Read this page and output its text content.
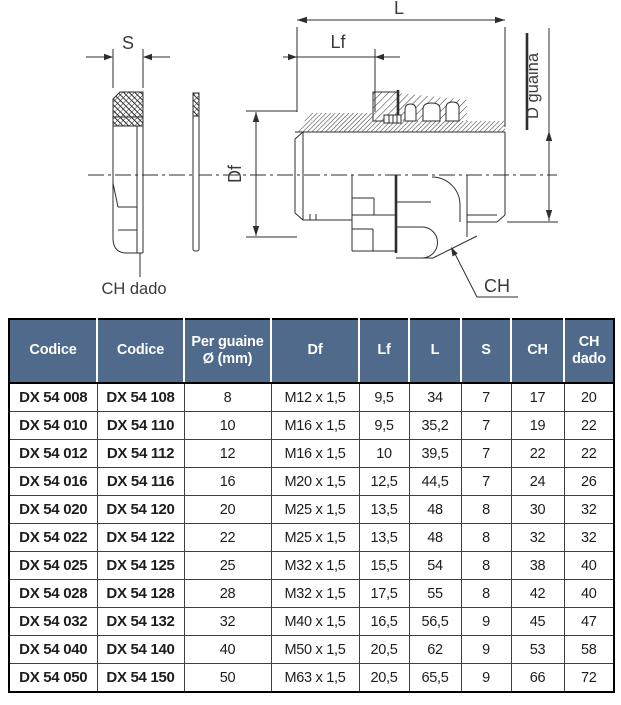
S
CH dado
Df
L
Lf
D guaina
CH
Codice	Codice	Per guaine Ø (mm)	Df	Lf	L	S	CH	CH dado
DX 54 008	DX 54 108	8	M12 x 1,5	9,5	34	7	17	20
DX 54 010	DX 54 110	10	M16 x 1,5	9,5	35,2	7	19	22
DX 54 012	DX 54 112	12	M16 x 1,5	10	39,5	7	22	22
DX 54 016	DX 54 116	16	M20 x 1,5	12,5	44,5	7	24	26
DX 54 020	DX 54 120	20	M25 x 1,5	13,5	48	8	30	32
DX 54 022	DX 54 122	22	M25 x 1,5	13,5	48	8	32	32
DX 54 025	DX 54 125	25	M32 x 1,5	15,5	54	8	38	40
DX 54 028	DX 54 128	28	M32 x 1,5	17,5	55	8	42	40
DX 54 032	DX 54 132	32	M40 x 1,5	16,5	56,5	9	45	47
DX 54 040	DX 54 140	40	M50 x 1,5	20,5	62	9	53	58
DX 54 050	DX 54 150	50	M63 x 1,5	20,5	65,5	9	66	72
